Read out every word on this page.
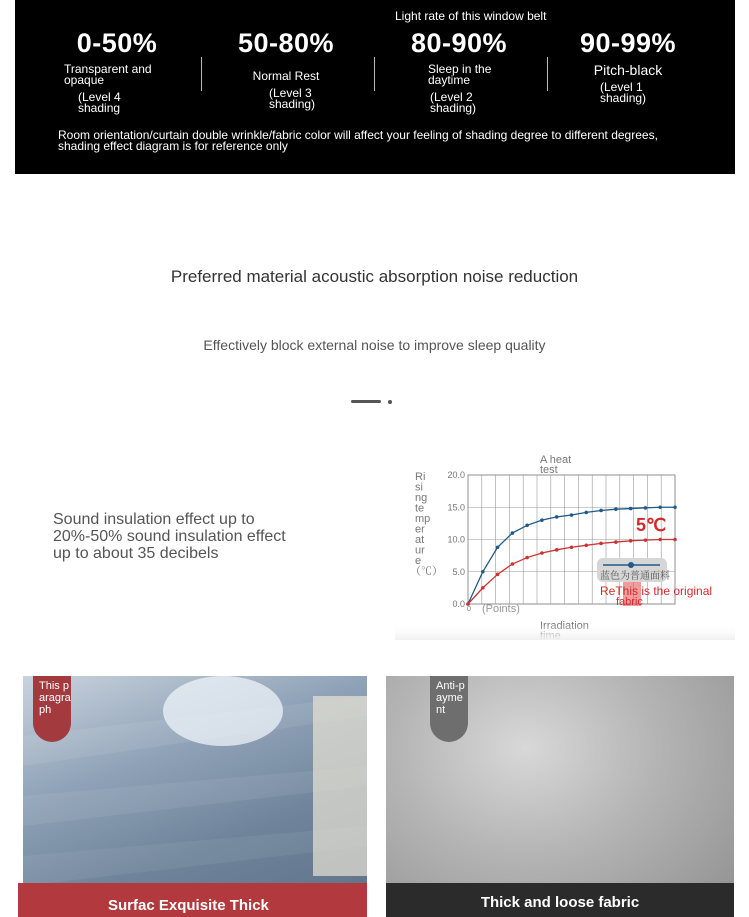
Light rate of this window belt
0-50%
Transparent and opaque
(Level 4 shading
50-80%
Normal Rest
(Level 3 shading)
80-90%
Sleep in the daytime
(Level 2 shading)
90-99%
Pitch-black
(Level 1 shading)
Room orientation/curtain double wrinkle/fabric color will affect your feeling of shading degree to different degrees, shading effect diagram is for reference only
Preferred material acoustic absorption noise reduction
Effectively block external noise to improve sleep quality
Sound insulation effect up to 20%-50% sound insulation effect up to about 35 decibels
20.0
15.0
10.0
5.0
0.0
0
A heat test
Ri si ng te mp er at ur e （℃）
(Points)
5℃
蓝色为普通面料
ReThis is the original
fabric
This paragraph
Anti-payment
Surfac Exquisite Thick	Thick and loose fabric
